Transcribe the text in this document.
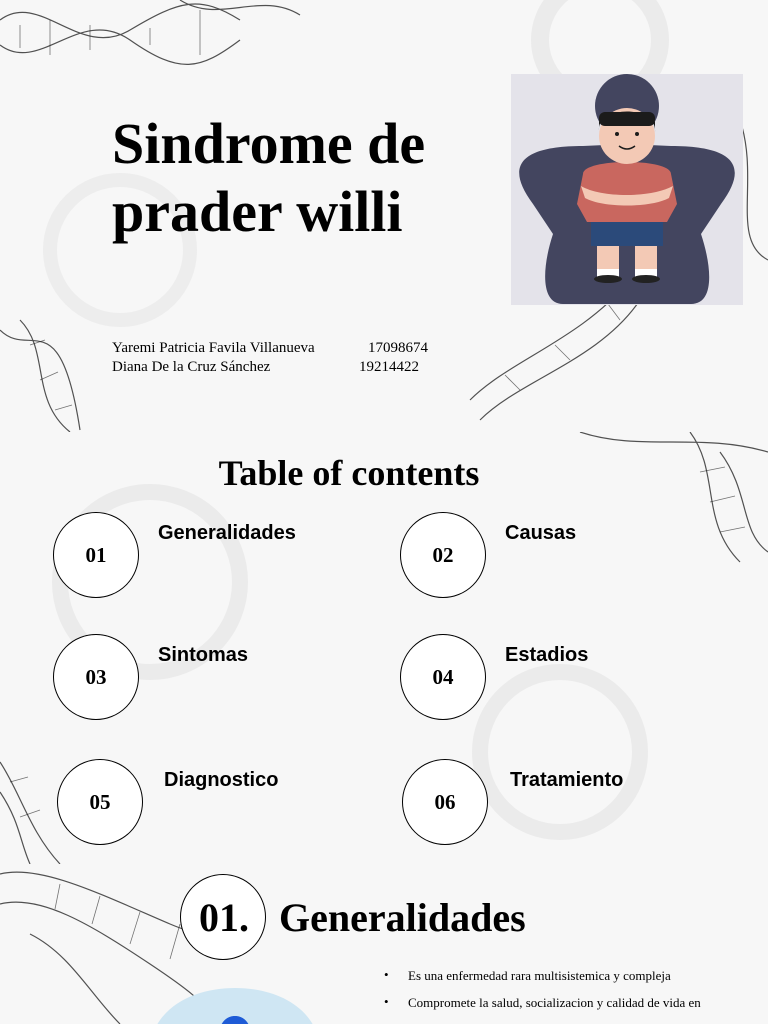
Sindrome de
prader willi
Yaremi Patricia Favila Villanueva	17098674
Diana De la Cruz Sánchez	19214422
Table of contents
01
Generalidades
02
Causas
03
Sintomas
04
Estadios
05
Diagnostico
06
Tratamiento
01. Generalidades
• Es una enfermedad rara multisistemica y compleja
• Compromete la salud, socializacion y calidad de vida en
